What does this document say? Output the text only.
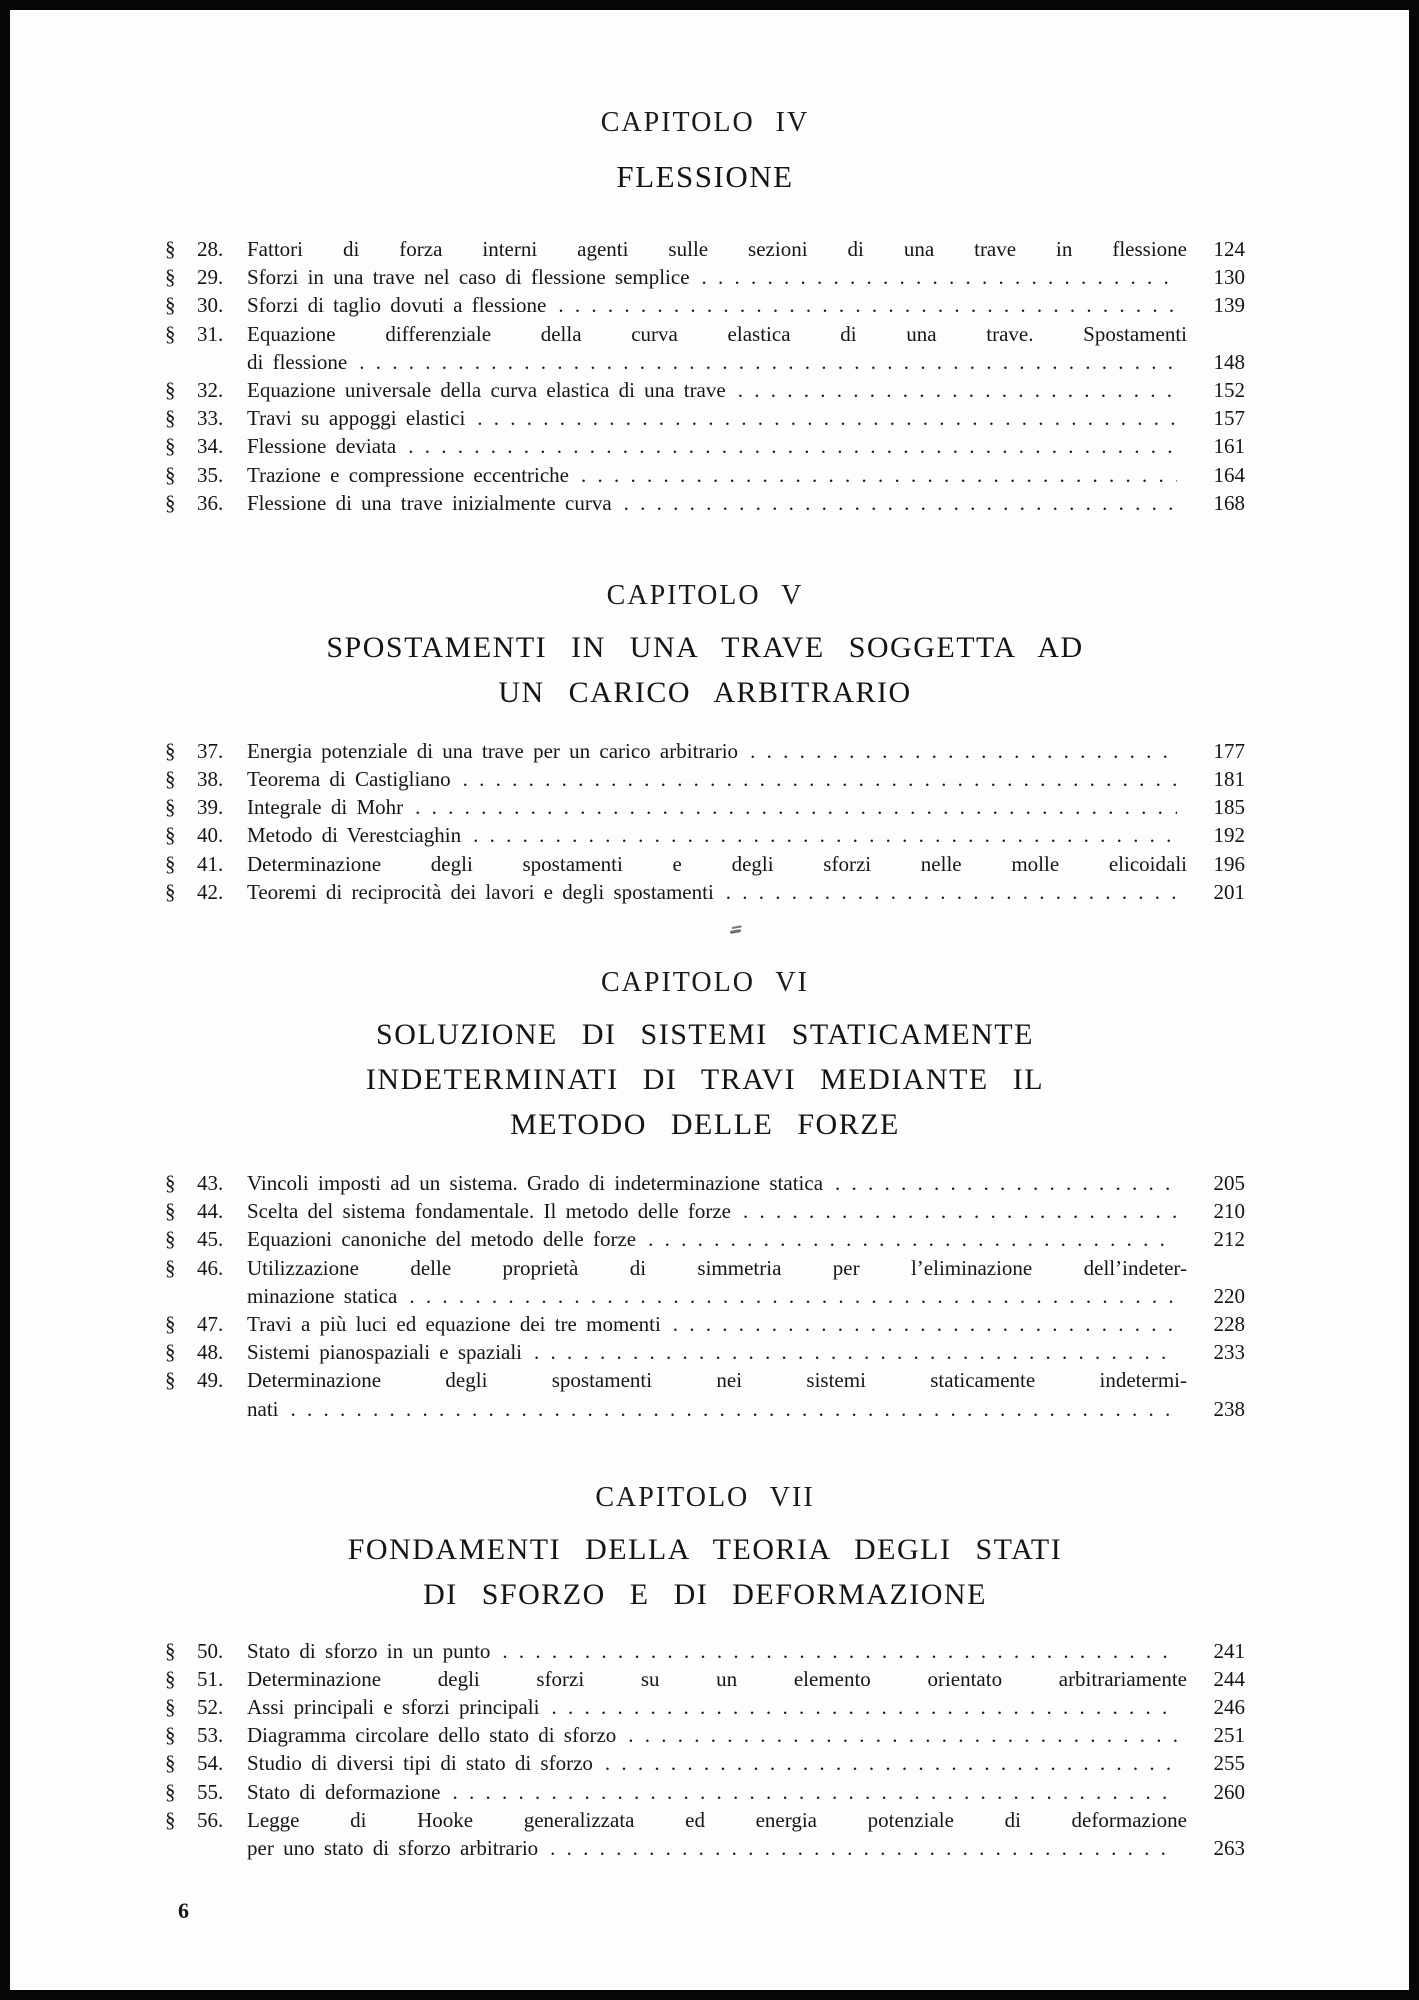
CAPITOLO IV
FLESSIONE
§	28.	Fattori di forza interni agenti sulle sezioni di una trave in flessione	124
§	29.	Sforzi in una trave nel caso di flessione semplice . . .	130
§	30.	Sforzi di taglio dovuti a flessione . . .	139
§	31.	Equazione differenziale della curva elastica di una trave. Spostamenti
di flessione . . .	148
§	32.	Equazione universale della curva elastica di una trave . . .	152
§	33.	Travi su appoggi elastici . . .	157
§	34.	Flessione deviata . . .	161
§	35.	Trazione e compressione eccentriche . . .	164
§	36.	Flessione di una trave inizialmente curva . . .	168
CAPITOLO V
SPOSTAMENTI IN UNA TRAVE SOGGETTA AD
UN CARICO ARBITRARIO
§	37.	Energia potenziale di una trave per un carico arbitrario . . .	177
§	38.	Teorema di Castigliano . . .	181
§	39.	Integrale di Mohr . . .	185
§	40.	Metodo di Verestciaghin . . .	192
§	41.	Determinazione degli spostamenti e degli sforzi nelle molle elicoidali	196
§	42.	Teoremi di reciprocità dei lavori e degli spostamenti . . .	201
CAPITOLO VI
SOLUZIONE DI SISTEMI STATICAMENTE
INDETERMINATI DI TRAVI MEDIANTE IL
METODO DELLE FORZE
§	43.	Vincoli imposti ad un sistema. Grado di indeterminazione statica . . .	205
§	44.	Scelta del sistema fondamentale. Il metodo delle forze . . .	210
§	45.	Equazioni canoniche del metodo delle forze . . .	212
§	46.	Utilizzazione delle proprietà di simmetria per l’eliminazione dell’indeter-
minazione statica . . .	220
§	47.	Travi a più luci ed equazione dei tre momenti . . .	228
§	48.	Sistemi pianospaziali e spaziali . . .	233
§	49.	Determinazione degli spostamenti nei sistemi staticamente indetermi-
nati . . .	238
CAPITOLO VII
FONDAMENTI DELLA TEORIA DEGLI STATI
DI SFORZO E DI DEFORMAZIONE
§	50.	Stato di sforzo in un punto . . .	241
§	51.	Determinazione degli sforzi su un elemento orientato arbitrariamente	244
§	52.	Assi principali e sforzi principali . . .	246
§	53.	Diagramma circolare dello stato di sforzo . . .	251
§	54.	Studio di diversi tipi di stato di sforzo . . .	255
§	55.	Stato di deformazione . . .	260
§	56.	Legge di Hooke generalizzata ed energia potenziale di deformazione
per uno stato di sforzo arbitrario . . .	263
6
